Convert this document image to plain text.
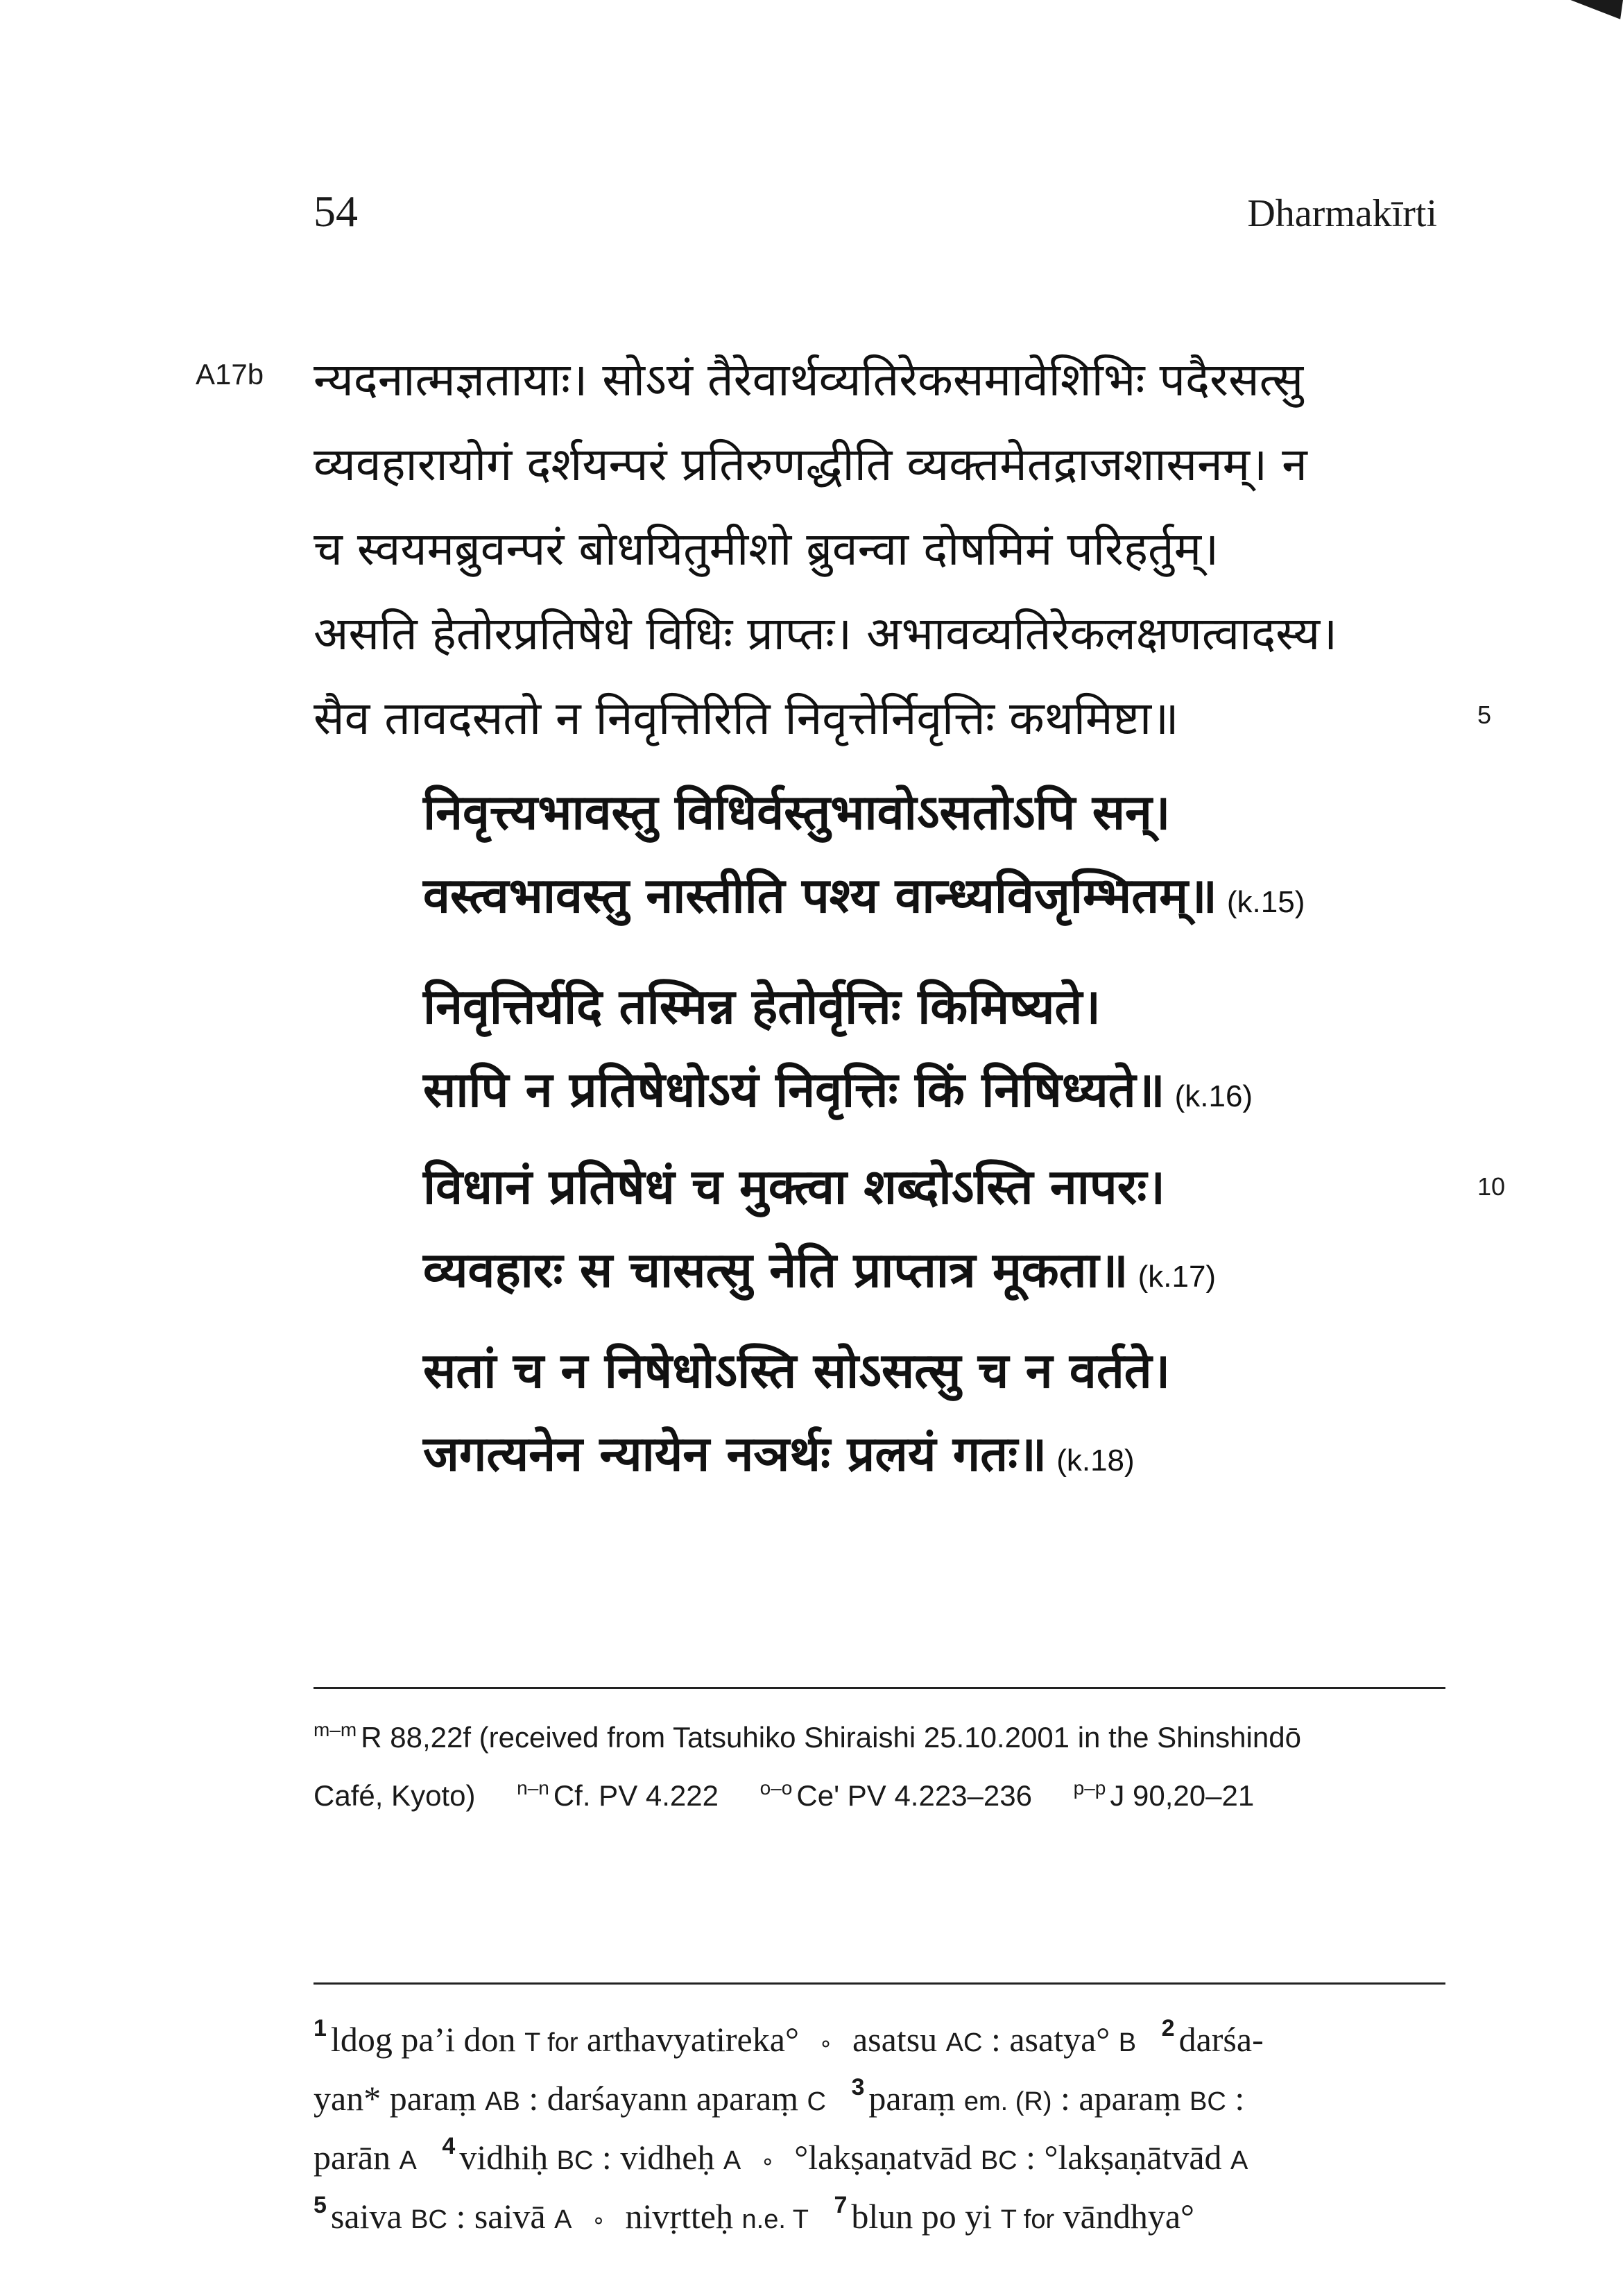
54	Dharmakīrti
A17b न्यदनात्मज्ञतायाः। सोऽयं तैरेवार्थव्यतिरेकसमावेशिभिः पदैरसत्सु
व्यवहारायोगं दर्शयन्परं प्रतिरुणद्धीति व्यक्तमेतद्राजशासनम्। न
च स्वयमब्रुवन्परं बोधयितुमीशो ब्रुवन्वा दोषमिमं परिहर्तुम्।
असति हेतोरप्रतिषेधे विधिः प्राप्तः। अभावव्यतिरेकलक्षणत्वादस्य।
सैव तावदसतो न निवृत्तिरिति निवृत्तेर्निवृत्तिः कथमिष्टा॥	5
10
निवृत्त्यभावस्तु विधिर्वस्तुभावोऽसतोऽपि सन्।
वस्त्वभावस्तु नास्तीति पश्य वान्ध्यविजृम्भितम्॥ (k.15)
निवृत्तिर्यदि तस्मिन्न हेतोर्वृत्तिः किमिष्यते।
सापि न प्रतिषेधोऽयं निवृत्तिः किं निषिध्यते॥ (k.16)
विधानं प्रतिषेधं च मुक्त्वा शब्दोऽस्ति नापरः।
व्यवहारः स चासत्सु नेति प्राप्तात्र मूकता॥ (k.17)
सतां च न निषेधोऽस्ति सोऽसत्सु च न वर्तते।
जगत्यनेन न्यायेन नञर्थः प्रलयं गतः॥ (k.18)
$^{m-m}$ R 88,22f (received from Tatsuhiko Shiraishi 25.10.2001 in the Shinshindō
Café, Kyoto) $^{n-n}$ Cf. PV 4.222 $^{o-o}$ Ce' PV 4.223–236 $^{p-p}$ J 90,20–21
$^1$ ldog pa’i don T for arthavyatireka° ∘ asatsu AC : asatya° B $^2$ darśa-
yan* paraṃ AB : darśayann aparaṃ C $^3$ paraṃ em. (R) : aparaṃ BC :
parān A $^4$ vidhiḥ BC : vidheḥ A ∘ °lakṣaṇatvād BC : °lakṣaṇātvād A
$^5$ saiva BC : saivā A ∘ nivṛtteḥ n.e. T $^7$ blun po yi T for vāndhya°
